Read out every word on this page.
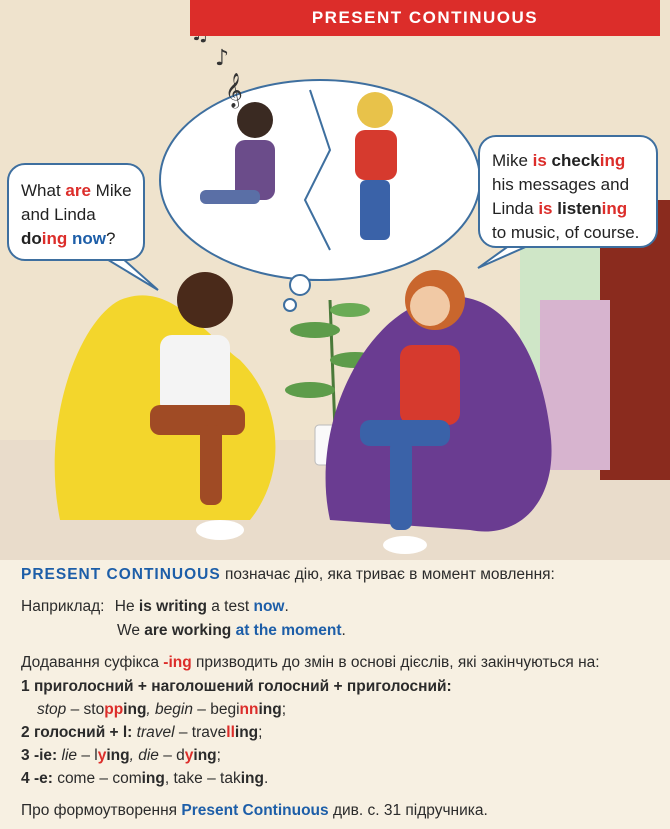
♪
𝄞
PRESENT CONTINUOUS
What are Mike
and Linda
doing now?
Mike is checking
his messages and
Linda is listening
to music, of course.
PRESENT CONTINUOUS позначає дію, яка триває в момент мовлення:
Наприклад: He is writing a test now.
We are working at the moment.
Додавання суфікса -ing призводить до змін в основі дієслів, які закінчуються на:
1 приголосний + наголошений голосний + приголосний:
stop – stopping, begin – beginning;
2 голосний + l: travel – travelling;
3 -ie: lie – lying, die – dying;
4 -e: come – coming, take – taking.
Про формоутворення Present Continuous див. с. 31 підручника.
